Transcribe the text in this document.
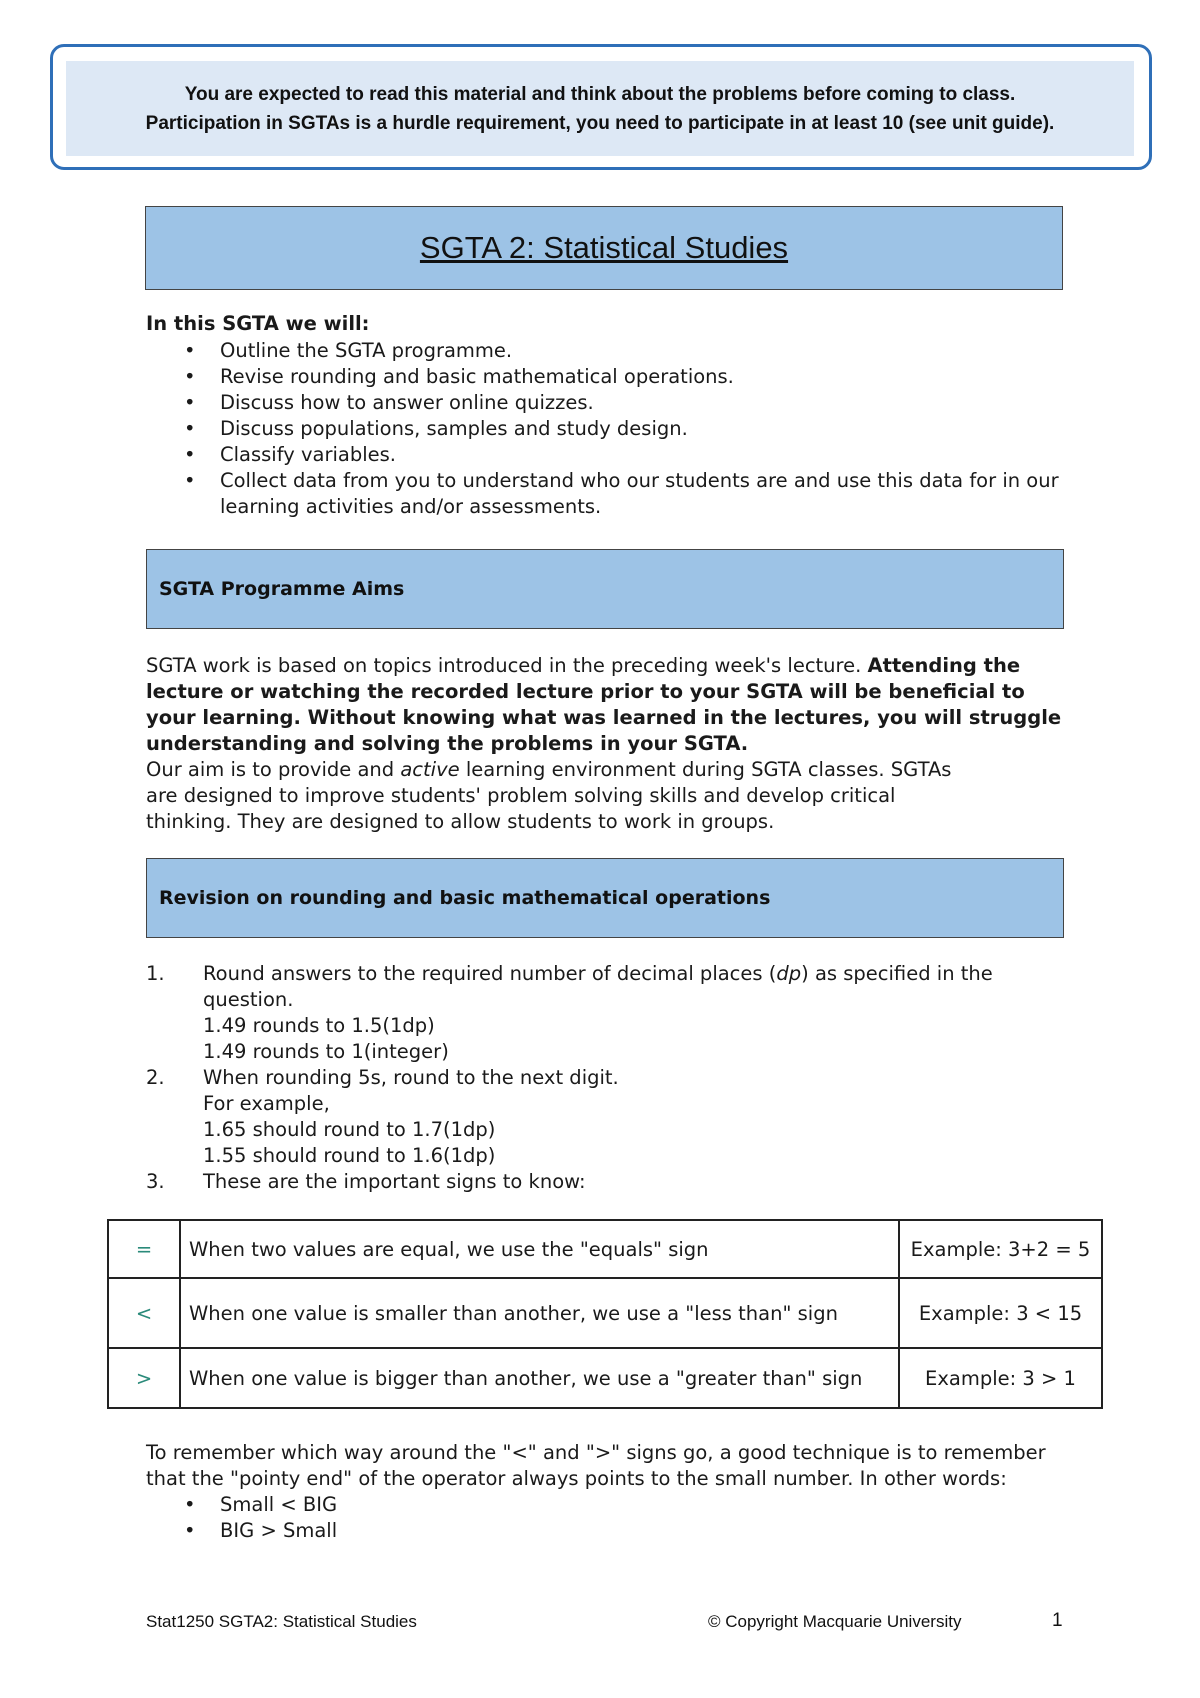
You are expected to read this material and think about the problems before coming to class.
Participation in SGTAs is a hurdle requirement, you need to participate in at least 10 (see unit guide).
SGTA 2: Statistical Studies
In this SGTA we will:
• Outline the SGTA programme.
• Revise rounding and basic mathematical operations.
• Discuss how to answer online quizzes.
• Discuss populations, samples and study design.
• Classify variables.
• Collect data from you to understand who our students are and use this data for in our learning activities and/or assessments.
SGTA Programme Aims
SGTA work is based on topics introduced in the preceding week's lecture. Attending the lecture or watching the recorded lecture prior to your SGTA will be beneficial to your learning. Without knowing what was learned in the lectures, you will struggle understanding and solving the problems in your SGTA.
Our aim is to provide and active learning environment during SGTA classes. SGTAs
are designed to improve students' problem solving skills and develop critical
thinking. They are designed to allow students to work in groups.
Revision on rounding and basic mathematical operations
1. Round answers to the required number of decimal places (dp) as specified in the question.
1.49 rounds to 1.5(1dp)
1.49 rounds to 1(integer)
2. When rounding 5s, round to the next digit.
For example,
1.65 should round to 1.7(1dp)
1.55 should round to 1.6(1dp)
3. These are the important signs to know:
=	When two values are equal, we use the "equals" sign	Example: 3+2 = 5
<	When one value is smaller than another, we use a "less than" sign	Example: 3 < 15
>	When one value is bigger than another, we use a "greater than" sign	Example: 3 > 1
To remember which way around the "<" and ">" signs go, a good technique is to remember
that the "pointy end" of the operator always points to the small number. In other words:
• Small < BIG
• BIG > Small
Stat1250 SGTA2: Statistical Studies	© Copyright Macquarie University	1
